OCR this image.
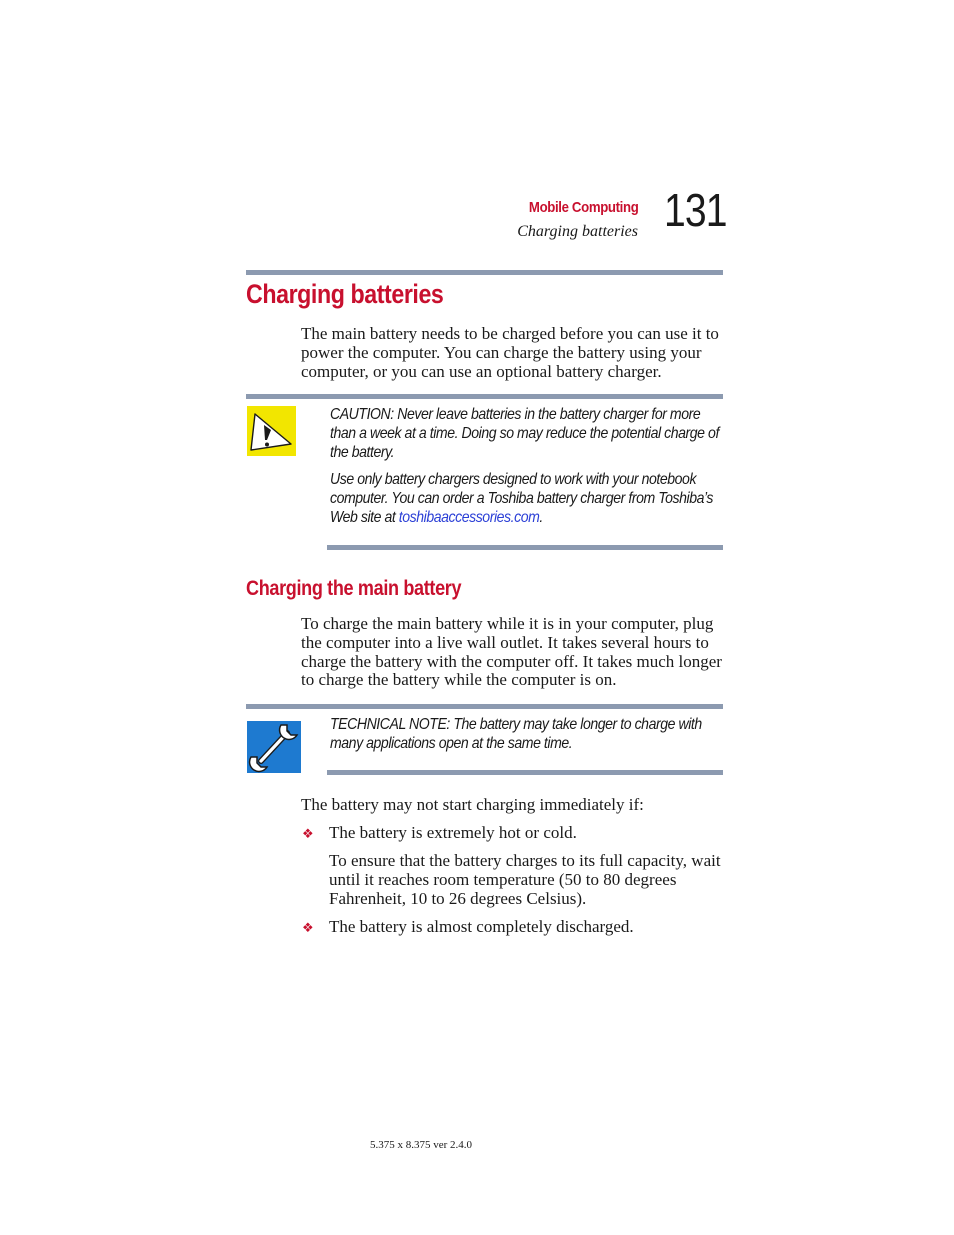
Mobile Computing
Charging batteries 131
Charging batteries
The main battery needs to be charged before you can use it to power the computer. You can charge the battery using your computer, or you can use an optional battery charger.
CAUTION: Never leave batteries in the battery charger for more than a week at a time. Doing so may reduce the potential charge of the battery.
Use only battery chargers designed to work with your notebook computer. You can order a Toshiba battery charger from Toshiba’s Web site at toshibaaccessories.com.
Charging the main battery
To charge the main battery while it is in your computer, plug the computer into a live wall outlet. It takes several hours to charge the battery with the computer off. It takes much longer to charge the battery while the computer is on.
TECHNICAL NOTE: The battery may take longer to charge with many applications open at the same time.
The battery may not start charging immediately if:
❖ The battery is extremely hot or cold.
To ensure that the battery charges to its full capacity, wait until it reaches room temperature (50 to 80 degrees Fahrenheit, 10 to 26 degrees Celsius).
❖ The battery is almost completely discharged.
5.375 x 8.375 ver 2.4.0
